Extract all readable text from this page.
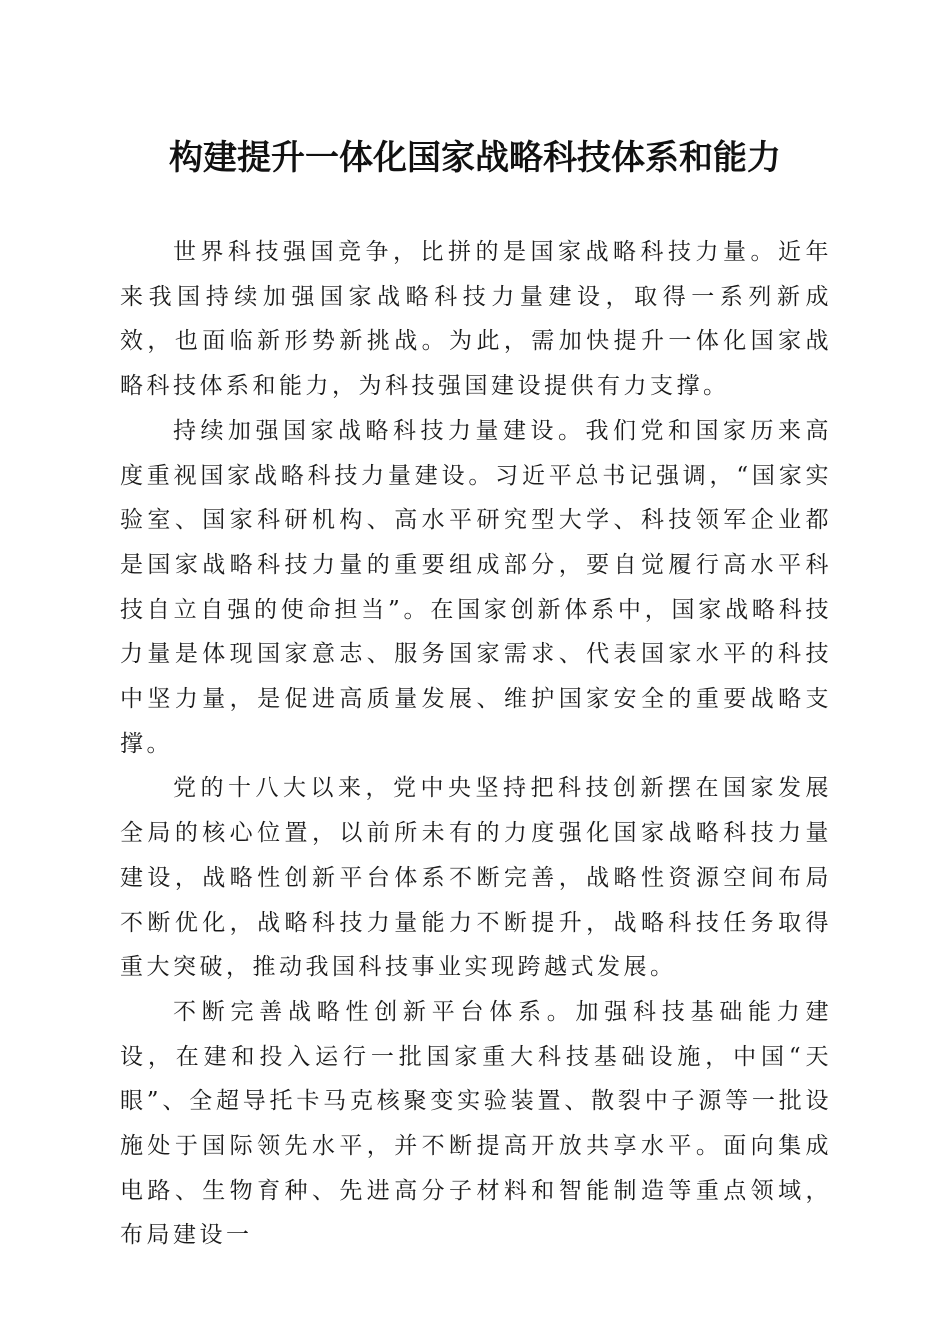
构建提升一体化国家战略科技体系和能力

世界科技强国竞争，比拼的是国家战略科技力量。近年来我国持续加强国家战略科技力量建设，取得一系列新成效，也面临新形势新挑战。为此，需加快提升一体化国家战略科技体系和能力，为科技强国建设提供有力支撑。

持续加强国家战略科技力量建设。我们党和国家历来高度重视国家战略科技力量建设。习近平总书记强调，“国家实验室、国家科研机构、高水平研究型大学、科技领军企业都是国家战略科技力量的重要组成部分，要自觉履行高水平科技自立自强的使命担当”。在国家创新体系中，国家战略科技力量是体现国家意志、服务国家需求、代表国家水平的科技中坚力量，是促进高质量发展、维护国家安全的重要战略支撑。

党的十八大以来，党中央坚持把科技创新摆在国家发展全局的核心位置，以前所未有的力度强化国家战略科技力量建设，战略性创新平台体系不断完善，战略性资源空间布局不断优化，战略科技力量能力不断提升，战略科技任务取得重大突破，推动我国科技事业实现跨越式发展。

不断完善战略性创新平台体系。加强科技基础能力建设，在建和投入运行一批国家重大科技基础设施，中国“天眼”、全超导托卡马克核聚变实验装置、散裂中子源等一批设施处于国际领先水平，并不断提高开放共享水平。面向集成电路、生物育种、先进高分子材料和智能制造等重点领域，布局建设一
